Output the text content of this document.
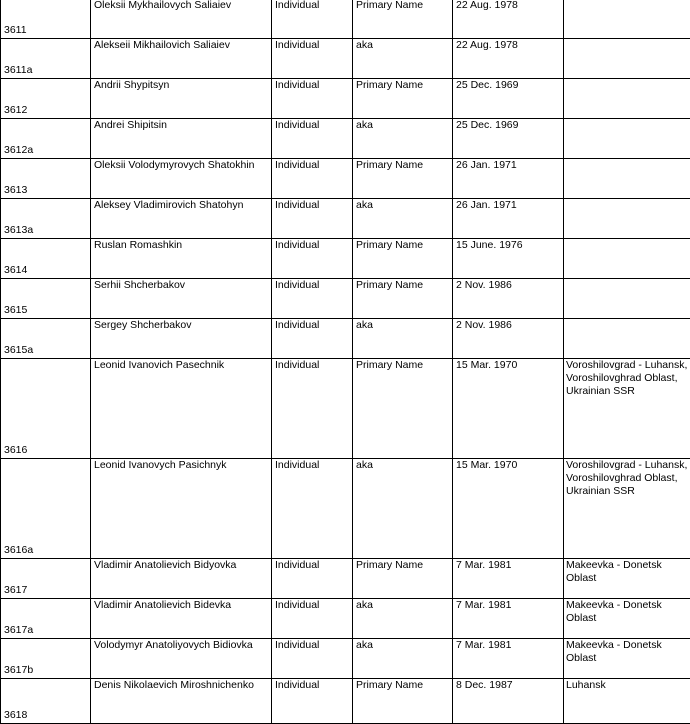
3611	Oleksii Mykhailovych Saliaiev	Individual	Primary Name	22 Aug. 1978	
3611a	Alekseii Mikhailovich Saliaiev	Individual	aka	22 Aug. 1978	
3612	Andrii Shypitsyn	Individual	Primary Name	25 Dec. 1969	
3612a	Andrei Shipitsin	Individual	aka	25 Dec. 1969	
3613	Oleksii Volodymyrovych Shatokhin	Individual	Primary Name	26 Jan. 1971	
3613a	Aleksey Vladimirovich Shatohyn	Individual	aka	26 Jan. 1971	
3614	Ruslan Romashkin	Individual	Primary Name	15 June. 1976	
3615	Serhii Shcherbakov	Individual	Primary Name	2 Nov. 1986	
3615a	Sergey Shcherbakov	Individual	aka	2 Nov. 1986	
3616	Leonid Ivanovich Pasechnik	Individual	Primary Name	15 Mar. 1970	Voroshilovgrad - Luhansk,
Voroshilovghrad Oblast,
Ukrainian SSR

3616a	Leonid Ivanovych Pasichnyk	Individual	aka	15 Mar. 1970	Voroshilovgrad - Luhansk,
Voroshilovghrad Oblast,
Ukrainian SSR

3617	Vladimir Anatolievich Bidyovka	Individual	Primary Name	7 Mar. 1981	Makeevka - Donetsk
Oblast

3617a	Vladimir Anatolievich Bidevka	Individual	aka	7 Mar. 1981	Makeevka - Donetsk
Oblast

3617b	Volodymyr Anatoliyovych Bidiovka	Individual	aka	7 Mar. 1981	Makeevka - Donetsk
Oblast

3618	Denis Nikolaevich Miroshnichenko	Individual	Primary Name	8 Dec. 1987	Luhansk
